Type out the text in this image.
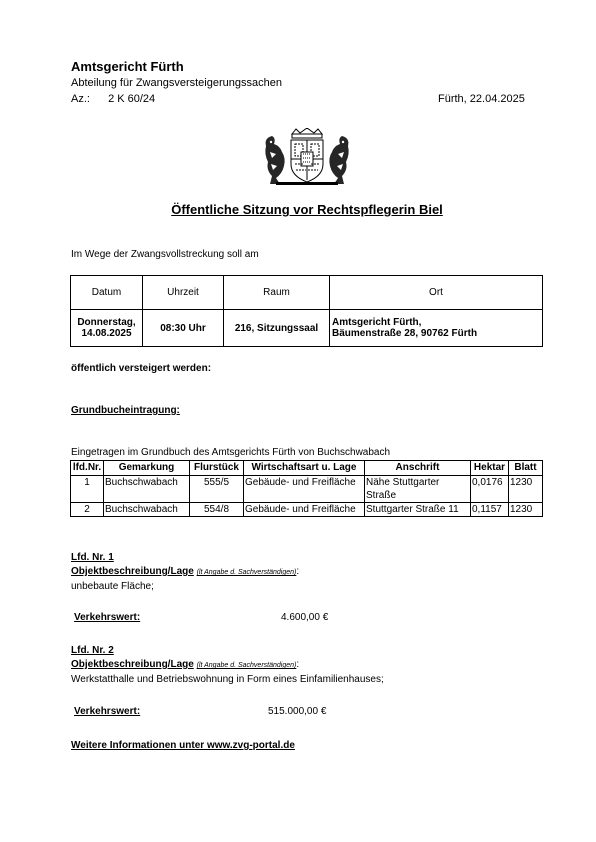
Amtsgericht Fürth
Abteilung für Zwangsversteigerungssachen
Az.: 2 K 60/24	Fürth, 22.04.2025
Öffentliche Sitzung vor Rechtspflegerin Biel
Im Wege der Zwangsvollstreckung soll am
Datum	Uhrzeit	Raum	Ort
Donnerstag,
14.08.2025	08:30 Uhr	216, Sitzungssaal	Amtsgericht Fürth,
Bäumenstraße 28, 90762 Fürth
öffentlich versteigert werden:
Grundbucheintragung:
Eingetragen im Grundbuch des Amtsgerichts Fürth von Buchschwabach
lfd.Nr.	Gemarkung	Flurstück	Wirtschaftsart u. Lage	Anschrift	Hektar	Blatt
1	Buchschwabach	555/5	Gebäude- und Freifläche	Nähe Stuttgarter
Straße	0,0176	1230
2	Buchschwabach	554/8	Gebäude- und Freifläche	Stuttgarter Straße 11	0,1157	1230
Lfd. Nr. 1
Objektbeschreibung/Lage (lt Angabe d. Sachverständigen):
unbebaute Fläche;
Verkehrswert:	4.600,00 €
Lfd. Nr. 2
Objektbeschreibung/Lage (lt Angabe d. Sachverständigen):
Werkstatthalle und Betriebswohnung in Form eines Einfamilienhauses;
Verkehrswert:	515.000,00 €
Weitere Informationen unter www.zvg-portal.de
